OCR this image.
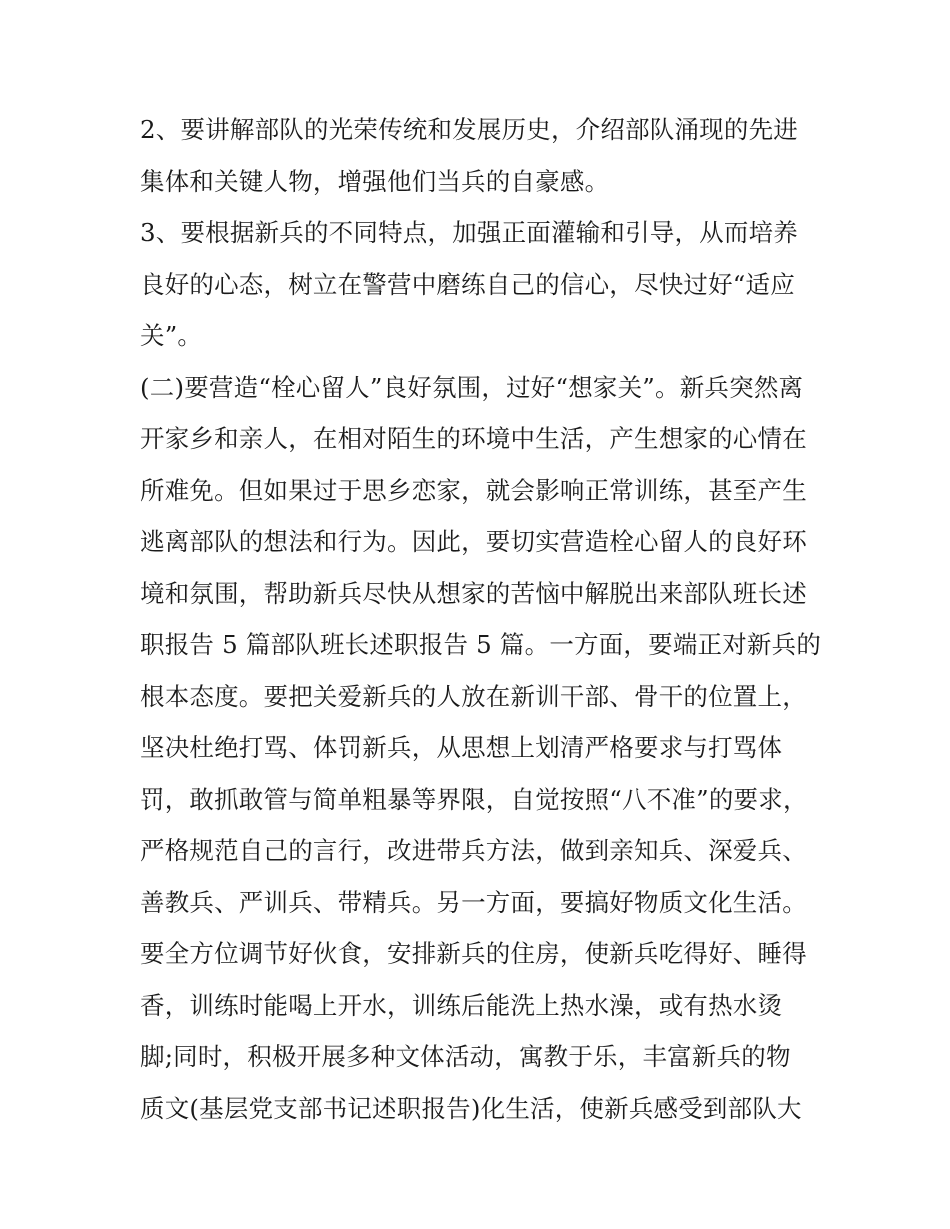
2、要讲解部队的光荣传统和发展历史，介绍部队涌现的先进
集体和关键人物，增强他们当兵的自豪感。
3、要根据新兵的不同特点，加强正面灌输和引导，从而培养
良好的心态，树立在警营中磨练自己的信心，尽快过好“适应
关”。
(二)要营造“栓心留人”良好氛围，过好“想家关”。新兵突然离
开家乡和亲人，在相对陌生的环境中生活，产生想家的心情在
所难免。但如果过于思乡恋家，就会影响正常训练，甚至产生
逃离部队的想法和行为。因此，要切实营造栓心留人的良好环
境和氛围，帮助新兵尽快从想家的苦恼中解脱出来部队班长述
职报告 5 篇部队班长述职报告 5 篇。一方面，要端正对新兵的
根本态度。要把关爱新兵的人放在新训干部、骨干的位置上，
坚决杜绝打骂、体罚新兵，从思想上划清严格要求与打骂体
罚，敢抓敢管与简单粗暴等界限，自觉按照“八不准”的要求，
严格规范自己的言行，改进带兵方法，做到亲知兵、深爱兵、
善教兵、严训兵、带精兵。另一方面，要搞好物质文化生活。
要全方位调节好伙食，安排新兵的住房，使新兵吃得好、睡得
香，训练时能喝上开水，训练后能洗上热水澡，或有热水烫
脚;同时，积极开展多种文体活动，寓教于乐，丰富新兵的物
质文(基层党支部书记述职报告)化生活，使新兵感受到部队大
